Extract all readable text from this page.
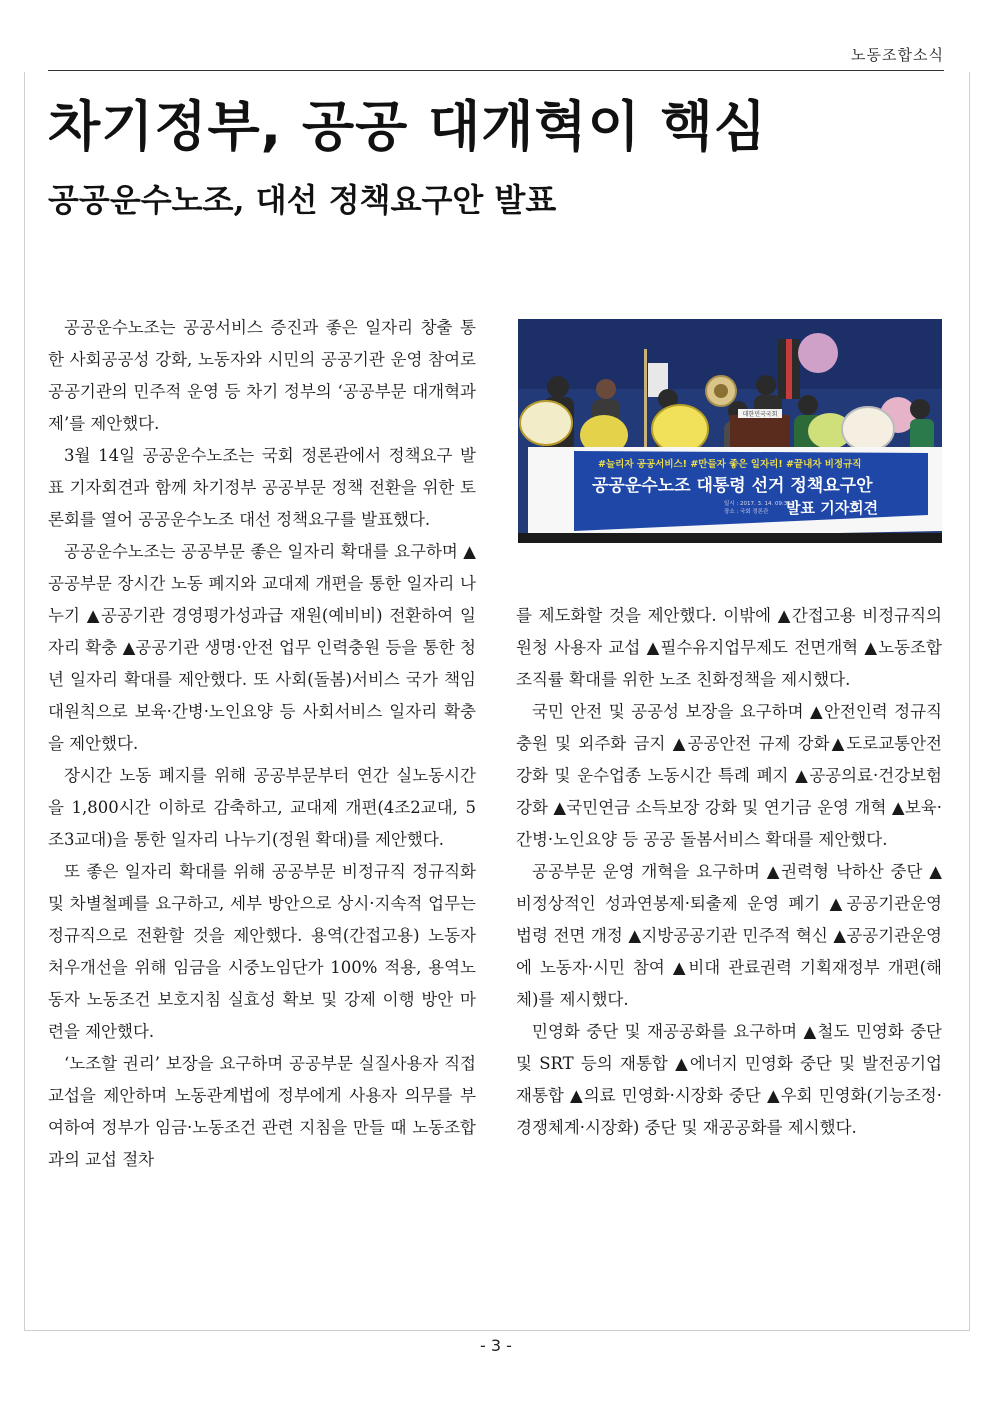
노동조합소식
차기정부, 공공 대개혁이 핵심
공공운수노조, 대선 정책요구안 발표

공공운수노조는 공공서비스 증진과 좋은 일자리 창출 통한 사회공공성 강화, 노동자와 시민의 공공기관 운영 참여로 공공기관의 민주적 운영 등 차기 정부의 ‘공공부문 대개혁과제’를 제안했다.

3월 14일 공공운수노조는 국회 정론관에서 정책요구 발표 기자회견과 함께 차기정부 공공부문 정책 전환을 위한 토론회를 열어 공공운수노조 대선 정책요구를 발표했다.

공공운수노조는 공공부문 좋은 일자리 확대를 요구하며 ▲공공부문 장시간 노동 폐지와 교대제 개편을 통한 일자리 나누기 ▲공공기관 경영평가성과급 재원(예비비) 전환하여 일자리 확충 ▲공공기관 생명·안전 업무 인력충원 등을 통한 청년 일자리 확대를 제안했다. 또 사회(돌봄)서비스 국가 책임 대원칙으로 보육·간병·노인요양 등 사회서비스 일자리 확충을 제안했다.

장시간 노동 폐지를 위해 공공부문부터 연간 실노동시간을 1,800시간 이하로 감축하고, 교대제 개편(4조2교대, 5조3교대)을 통한 일자리 나누기(정원 확대)를 제안했다.

또 좋은 일자리 확대를 위해 공공부문 비정규직 정규직화 및 차별철폐를 요구하고, 세부 방안으로 상시·지속적 업무는 정규직으로 전환할 것을 제안했다. 용역(간접고용) 노동자 처우개선을 위해 임금을 시중노임단가 100% 적용, 용역노동자 노동조건 보호지침 실효성 확보 및 강제 이행 방안 마련을 제안했다.

‘노조할 권리’ 보장을 요구하며 공공부문 실질사용자 직접교섭을 제안하며 노동관계법에 정부에게 사용자 의무를 부여하여 정부가 임금·노동조건 관련 지침을 만들 때 노동조합과의 교섭 절차

대한민국국회
#늘리자 공공서비스! #만들자 좋은 일자리! #끝내자 비정규직
공공운수노조 대통령 선거 정책요구안
발표 기자회견
일시 : 2017. 3. 14. 09:30
장소 : 국회 정론관

를 제도화할 것을 제안했다. 이밖에 ▲간접고용 비정규직의 원청 사용자 교섭 ▲필수유지업무제도 전면개혁 ▲노동조합 조직률 확대를 위한 노조 친화정책을 제시했다.

국민 안전 및 공공성 보장을 요구하며 ▲안전인력 정규직 충원 및 외주화 금지 ▲공공안전 규제 강화▲도로교통안전 강화 및 운수업종 노동시간 특례 폐지 ▲공공의료·건강보험 강화 ▲국민연금 소득보장 강화 및 연기금 운영 개혁 ▲보육·간병·노인요양 등 공공 돌봄서비스 확대를 제안했다.

공공부문 운영 개혁을 요구하며 ▲권력형 낙하산 중단 ▲비정상적인 성과연봉제·퇴출제 운영 폐기 ▲공공기관운영 법령 전면 개정 ▲지방공공기관 민주적 혁신 ▲공공기관운영에 노동자·시민 참여 ▲비대 관료권력 기획재정부 개편(해체)를 제시했다.

민영화 중단 및 재공공화를 요구하며 ▲철도 민영화 중단 및 SRT 등의 재통합 ▲에너지 민영화 중단 및 발전공기업 재통합 ▲의료 민영화·시장화 중단 ▲우회 민영화(기능조정·경쟁체계·시장화) 중단 및 재공공화를 제시했다.

- 3 -
